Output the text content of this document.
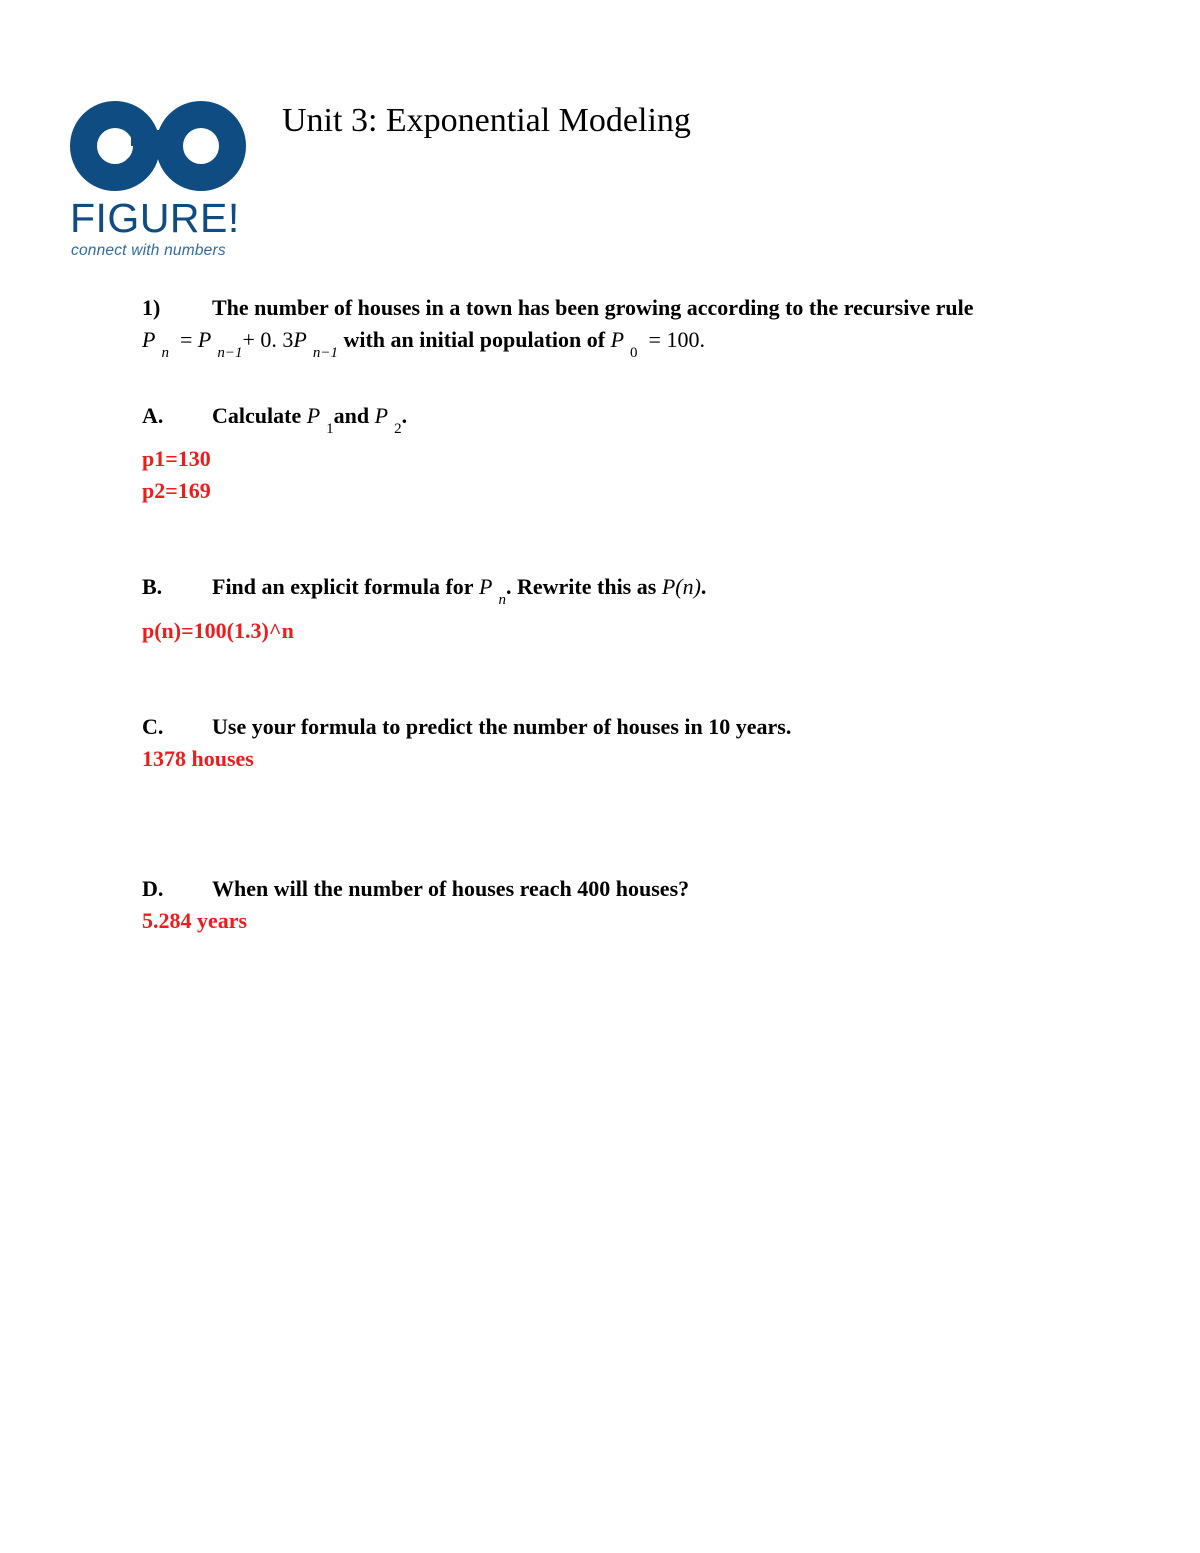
FIGURE!

connect with numbers

Unit 3: Exponential Modeling

1) The number of houses in a town has been growing according to the recursive rule

$P_n = P_{n-1}+ 0$. $3P_{n-1}$ with an initial population of $P_0 = 100$.

A. Calculate $P_1and$ $P_2$.

p1=130

p2=169

B. Find an explicit formula for $P_n$. Rewrite this as P(n).

p(n)=100(1.3)^n

C. Use your formula to predict the number of houses in 10 years.

1378 houses

D. When will the number of houses reach 400 houses?

5.284 years
